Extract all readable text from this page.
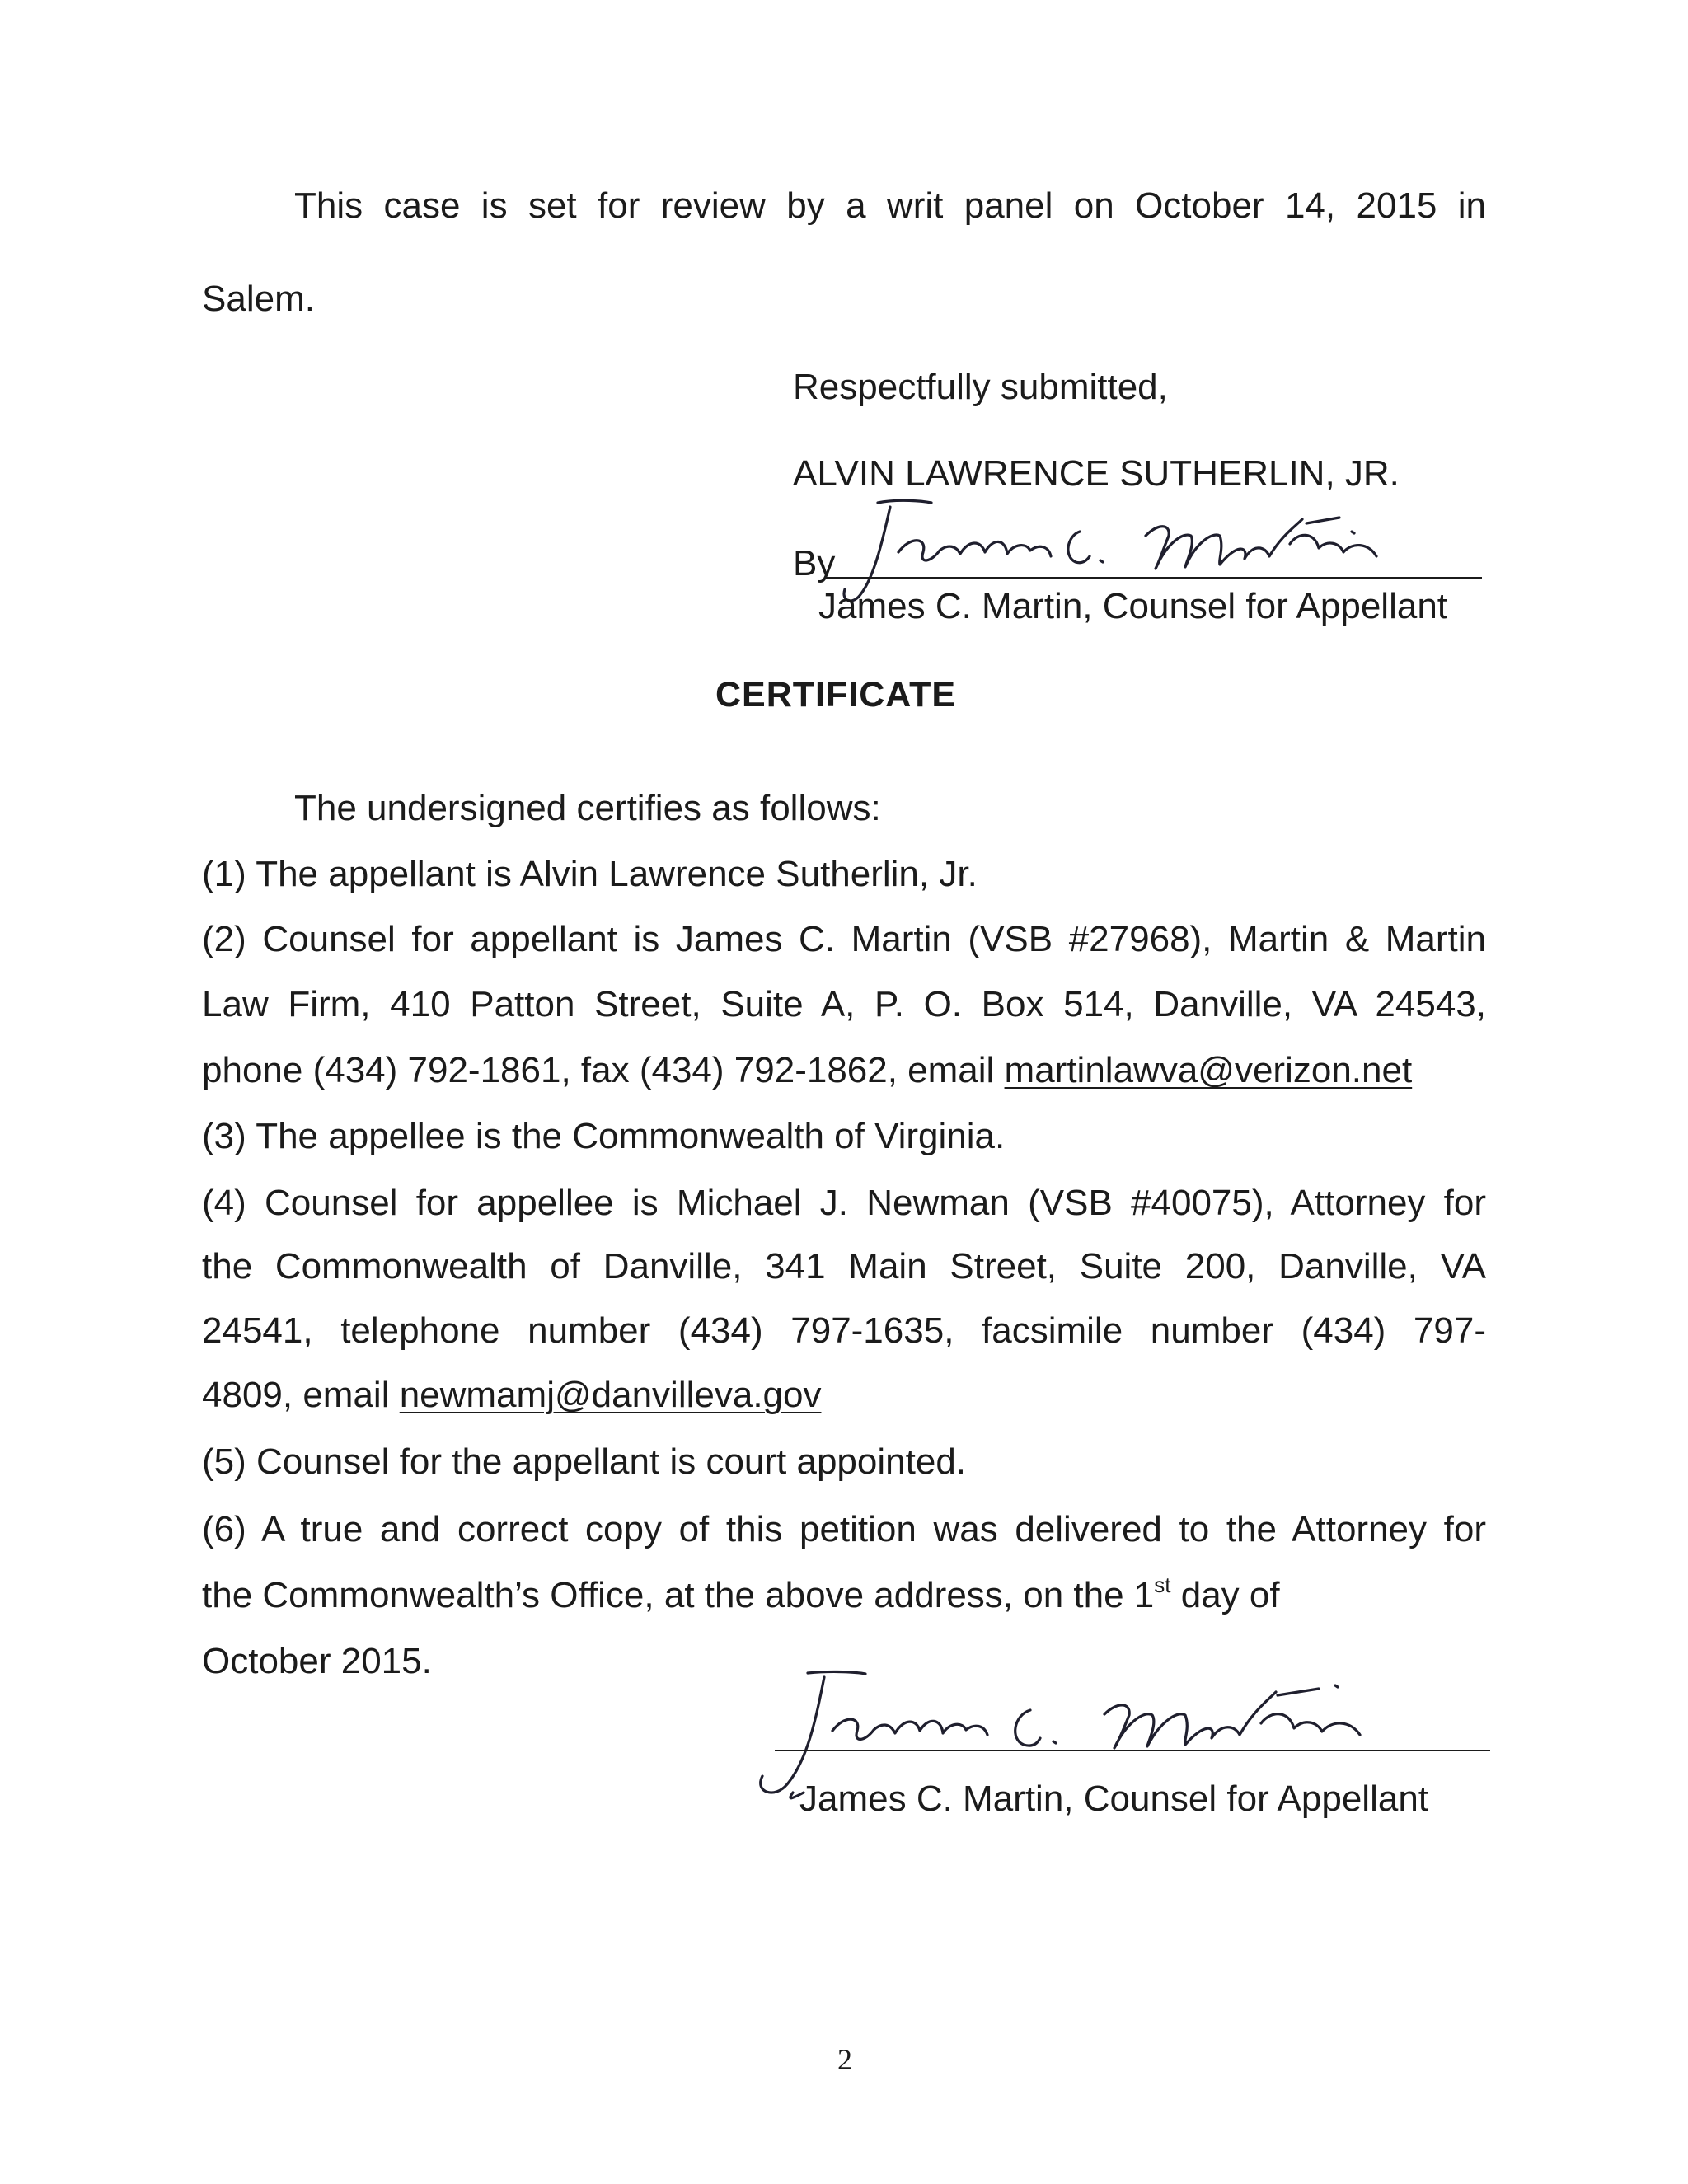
This case is set for review by a writ panel on October 14, 2015 in
Salem.
Respectfully submitted,
ALVIN LAWRENCE SUTHERLIN, JR.
By
James C. Martin, Counsel for Appellant
CERTIFICATE
The undersigned certifies as follows:
(1) The appellant is Alvin Lawrence Sutherlin, Jr.
(2) Counsel for appellant is James C. Martin (VSB #27968), Martin & Martin
Law Firm, 410 Patton Street, Suite A, P. O. Box 514, Danville, VA 24543,
phone (434) 792-1861, fax (434) 792-1862, email martinlawva@verizon.net
(3) The appellee is the Commonwealth of Virginia.
(4) Counsel for appellee is Michael J. Newman (VSB #40075), Attorney for
the Commonwealth of Danville, 341 Main Street, Suite 200, Danville, VA
24541, telephone number (434) 797-1635, facsimile number (434) 797-
4809, email newmamj@danvilleva.gov
(5) Counsel for the appellant is court appointed.
(6) A true and correct copy of this petition was delivered to the Attorney for
the Commonwealth’s Office, at the above address, on the 1st day of
October 2015.
James C. Martin, Counsel for Appellant
2
